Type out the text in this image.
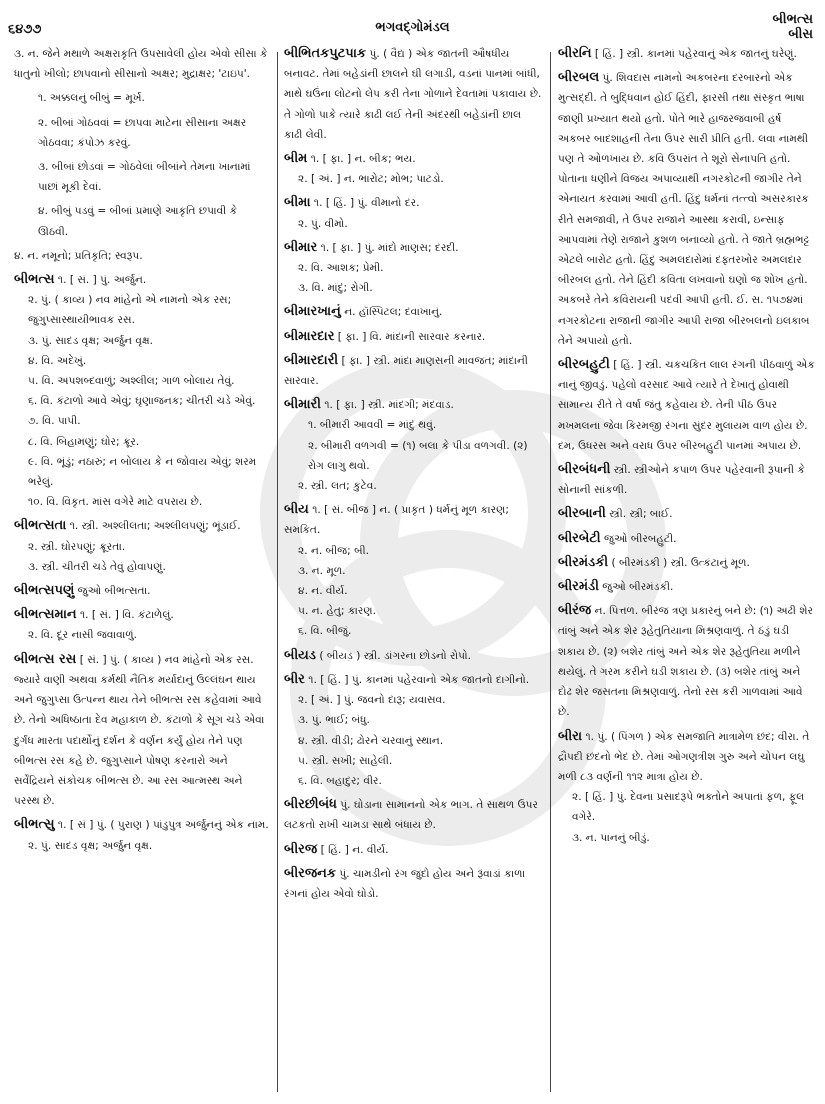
૬૪૭૭	ભગવદ્ગોમંડલ
બીભત્સ
બીસ
૩. ન. જેને મથાળે અક્ષરાકૃતિ ઉપસાવેલી હોય એવો સીસા કે ધાતુનો ખીલો; છાપવાનો સીસાનો અક્ષર; મુદ્રાક્ષર; 'ટાઇપ'.
૧. અક્કલનું બીબું = મૂર્ખ.
૨. બીબાં ગોઠવવાં = છાપવા માટેના સીસાના અક્ષર ગોઠવવા; કંપોઝ કરવું.
૩. બીબાં છોડવાં = ગોઠવેલાં બીબાંને તેમના ખાનામાં પાછાં મૂકી દેવાં.
૪. બીબું પડવું = બીબાં પ્રમાણે આકૃતિ છપાવી કે ઊઠવી.
૪. ન. નમૂનો; પ્રતિકૃતિ; સ્વરૂપ.
બીભત્સ ૧. [ સં. ] પું. અર્જુન.
૨. પું. ( કાવ્ય ) નવ માંહેનો એ નામનો એક રસ; જુગુપ્સાસ્થાયીભાવક રસ.
૩. પું. સાદડ વૃક્ષ; અર્જુન વૃક્ષ.
૪. વિ. અદેખું.
૫. વિ. અપશબ્દવાળું; અશ્લીલ; ગાળ બોલાય તેવું.
૬. વિ. કંટાળો આવે એવું; ઘૃણાજનક; ચીતરી ચડે એવું.
૭. વિ. પાપી.
૮. વિ. બિહામણું; ઘોર; ક્રૂર.
૯. વિ. ભૂંડું; નઠારું; ન બોલાય કે ન જોવાય એવું; શરમ ભરેલું.
૧૦. વિ. વિકૃત. માંસ વગેરે માટે વપરાય છે.
બીભત્સતા ૧. સ્ત્રી. અશ્લીલતા; અશ્લીલપણું; ભૂંડાઈ.
૨. સ્ત્રી. ઘોરપણું; ક્રૂરતા.
૩. સ્ત્રી. ચીતરી ચડે તેવું હોવાપણું.
બીભત્સપણું જુઓ બીભત્સતા.
બીભત્સમાન ૧. [ સં. ] વિ. કંટાળેલું.
૨. વિ. દૂર નાસી જવાવાળું.
બીભત્સ રસ [ સં. ] પું. ( કાવ્ય ) નવ માંહેનો એક રસ. જ્યારે વાણી અથવા કર્મથી નૈતિક મર્યાદાનું ઉલ્લંઘન થાય અને જુગુપ્સા ઉત્પન્ન થાય તેને બીભત્સ રસ કહેવામાં આવે છે. તેનો અધિષ્ઠાતા દેવ મહાકાળ છે. કંટાળો કે સૂગ ચડે એવા દુર્ગંધ મારતા પદાર્થોનું દર્શન કે વર્ણન કર્યું હોય તેને પણ બીભત્સ રસ કહે છે. જુગુપ્સાને પોષણ કરનારો અને સર્વેંદ્રિયને સંકોચક બીભત્સ છે. આ રસ આત્મસ્થ અને પરસ્થ છે.
બીભત્સુ ૧. [ સં ] પું. ( પુરાણ ) પાંડુપુત્ર અર્જુનનું એક નામ.
૨. પું. સાદડ વૃક્ષ; અર્જુન વૃક્ષ.
બીભિતકપુટપાક પું. ( વૈદ્ય ) એક જાતની ઔષધીય બનાવટ. તેમાં બહેડાંની છાલને ઘી લગાડી, વડનાં પાનમાં બાંધી, માથે ઘઉંના લોટનો લેપ કરી તેના ગોળાને દેવતામાં પકાવાય છે. તે ગોળો પાકે ત્યારે કાઢી લઈ તેની અંદરથી બહેડાંની છાલ કાઢી લેવી.
બીમ ૧. [ ફા. ] ન. બીક; ભય.
૨. [ અં. ] ન. ભારોટ; મોભ; પાટડો.
બીમા ૧. [ હિં. ] પું. વીમાનો દર.
૨. પું. વીમો.
બીમાર ૧. [ ફા. ] પું. માંદો માણસ; દરદી.
૨. વિ. આશક; પ્રેમી.
૩. વિ. માંદું; રોગી.
બીમારખાનું ન. હૉસ્પિટલ; દવાખાનું.
બીમારદાર [ ફા. ] વિ. માંદાની સારવાર કરનાર.
બીમારદારી [ ફા. ] સ્ત્રી. માંદા માણસની માવજત; માંદાની સારવાર.
બીમારી ૧. [ ફા. ] સ્ત્રી. માંદગી; મંદવાડ.
૧. બીમારી આવવી = માંદું થવું.
૨. બીમારી વળગવી = (૧) બલા કે પીડા વળગવી. (૨) રોગ લાગુ થવો.
૨. સ્ત્રી. લત; કુટેવ.
બીય ૧. [ સં. બીજ ] ન. ( પ્રાકૃત ) ધર્મનું મૂળ કારણ; સમકિત.
૨. ન. બીજ; બી.
૩. ન. મૂળ.
૪. ન. વીર્ય.
૫. ન. હેતુ; કારણ.
૬. વિ. બીજું.
બીયડ ( બીયડ઼ ) સ્ત્રી. ડાંગરના છોડનો રોપો.
બીર ૧. [ હિં. ] પું. કાનમાં પહેરવાનો એક જાતનો દાગીનો.
૨. [ અં. ] પું. જવનો દારૂ; યવાસવ.
૩. પું. ભાઈ; બંધુ.
૪. સ્ત્રી. વીડી; ઢોરને ચરવાનું સ્થાન.
૫. સ્ત્રી. સખી; સાહેલી.
૬. વિ. બહાદુર; વીર.
બીરછીબંધ પું. ઘોડાના સામાનનો એક ભાગ. તે સાથળ ઉપર લટકતો રાખી ચામડા સાથે બંધાય છે.
બીરજ [ હિં. ] ન. વીર્ય.
બીરજનક પું. ચામડીનો રંગ જુદો હોય અને રૂંવાડાં કાળા રંગનાં હોય એવો ઘોડો.
બીરનિ [ હિં. ] સ્ત્રી. કાનમાં પહેરવાનું એક જાતનું ઘરેણું.
બીરબલ પું. શિવદાસ નામનો અકબરના દરબારનો એક મુત્સદ્દી. તે બુદ્ધિવાન હોઈ હિંદી, ફારસી તથા સંસ્કૃત ભાષા જાણી પ્રખ્યાત થયો હતો. પોતે ભારે હાજરજવાબી હર્ષ અકબર બાદશાહની તેના ઉપર સારી પ્રીતિ હતી. લવા નામથી પણ તે ઓળખાય છે. કવિ ઉપરાંત તે શૂરો સેનાપતિ હતો. પોતાના ધણીને વિજય અપાવ્યાથી નગરકોટની જાગીર તેને એનાયત કરવામાં આવી હતી. હિંદુ ધર્મનાં તત્ત્વો અસરકારક રીતે સમજાવી, તે ઉપર રાજાને આસ્થા કરાવી, ઇન્સાફ આપવામાં તેણે રાજાને કુશળ બનાવ્યો હતો. તે જાતે બ્રહ્મભટ્ટ એટલે બારોટ હતો. હિંદુ અમલદારોમાં દફ્તરખોર અમલદાર બીરબલ હતો. તેને હિંદી કવિતા લખવાનો ઘણો જ શોખ હતો. અકબરે તેને કવિરાયની પદવી આપી હતી. ઈ. સ. ૧૫૭૪માં નગરકોટના રાજાની જાગીર આપી રાજા બીરબલનો ઇલકાબ તેને અપાયો હતો.
બીરબહુટી [ હિં. ] સ્ત્રી. ચકચકિત લાલ રંગની પીઠવાળું એક નાનું જીવડું. પહેલો વરસાદ આવે ત્યારે તે દેખાતું હોવાથી સામાન્ય રીતે તે વર્ષા જંતુ કહેવાય છે. તેની પીઠ ઉપર મખમલના જેવા કિરમજી રંગના સુંદર મુલાયમ વાળ હોય છે. દમ, ઉધરસ અને વરાધ ઉપર બીરબહુટી પાનમાં અપાય છે.
બીરબંધની સ્ત્રી. સ્ત્રીઓને કપાળ ઉપર પહેરવાની રૂપાની કે સોનાની સાંકળી.
બીરબાની સ્ત્રી. સ્ત્રી; બાઈ.
બીરબેટી જુઓ બીરબહુટી.
બીરમંડકી ( બીરમંડકી ) સ્ત્રી. ઉત્કંટાનું મૂળ.
બીરમંડી જુઓ બીરમંડકી.
બીરંજ ન. પિત્તળ. બીરંજ ત્રણ પ્રકારનું બને છે: (૧) અઢી શેર તાંબું અને એક શેર રૂહેતુતિયાના મિશ્રણવાળું. તે ઠંડું ઘડી શકાય છે. (૨) બશેર તાંબું અને એક શેર રૂહેતુતિયા મળીને થયેલું. તે ગરમ કરીને ઘડી શકાય છે. (૩) બશેર તાંબું અને દોઢ શેર જસતના મિશ્રણવાળું. તેનો રસ કરી ગાળવામાં આવે છે.
બીરા ૧. પું. ( પિંગળ ) એક સમજાતિ માત્રામેળ છંદ; વીરા. તે દ્રૌપદી છંદનો ભેદ છે. તેમાં ઓગણત્રીશ ગુરુ અને ચોપન લઘુ મળી ૮૩ વર્ણની ૧૧૨ માત્રા હોય છે.
૨. [ હિં. ] પું. દેવના પ્રસાદરૂપે ભક્તોને અપાતાં ફળ, ફૂલ વગેરે.
૩. ન. પાનનું બીડું.
